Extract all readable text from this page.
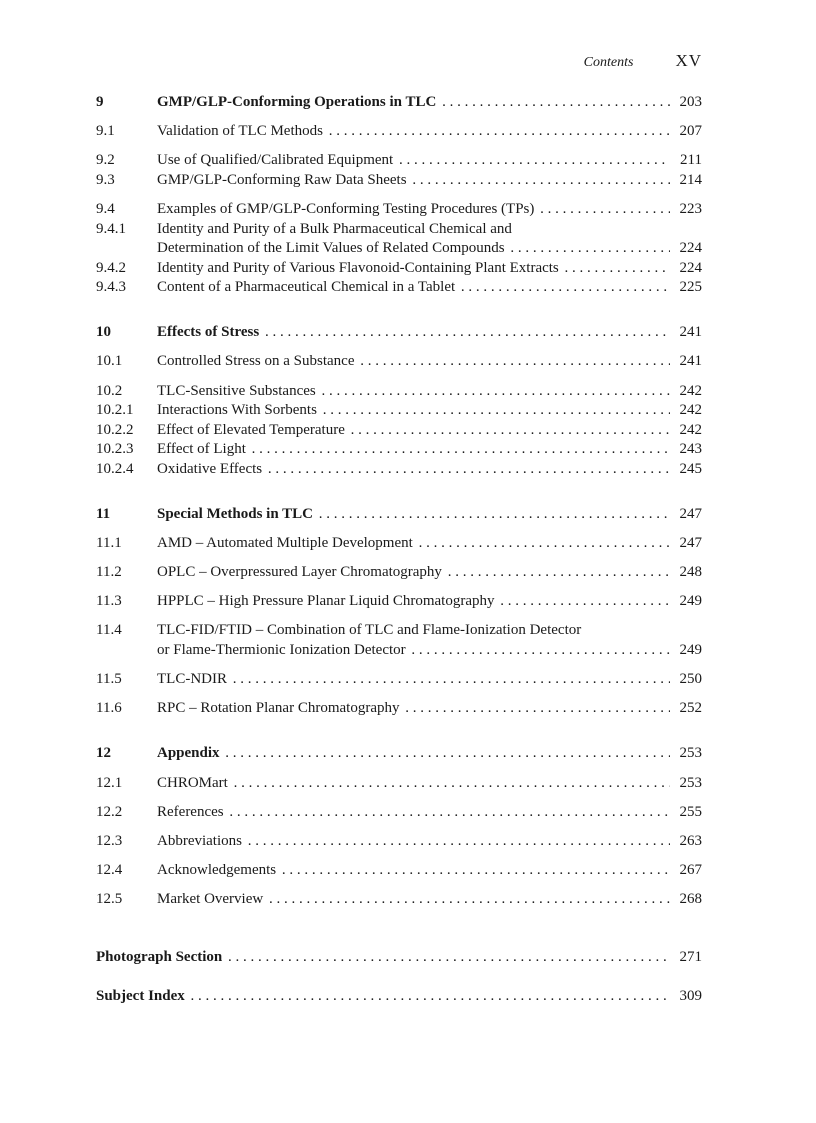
Contents XV
9	GMP/GLP-Conforming Operations in TLC . . .	203
9.1	Validation of TLC Methods . . .	207
9.2	Use of Qualified/Calibrated Equipment . . .	211
9.3	GMP/GLP-Conforming Raw Data Sheets . . .	214
9.4	Examples of GMP/GLP-Conforming Testing Procedures (TPs) . . .	223
9.4.1	Identity and Purity of a Bulk Pharmaceutical Chemical and
Determination of the Limit Values of Related Compounds . . .	224
9.4.2	Identity and Purity of Various Flavonoid-Containing Plant Extracts . . .	224
9.4.3	Content of a Pharmaceutical Chemical in a Tablet . . .	225
10	Effects of Stress . . .	241
10.1	Controlled Stress on a Substance . . .	241
10.2	TLC-Sensitive Substances . . .	242
10.2.1	Interactions With Sorbents . . .	242
10.2.2	Effect of Elevated Temperature . . .	242
10.2.3	Effect of Light . . .	243
10.2.4	Oxidative Effects . . .	245
11	Special Methods in TLC . . .	247
11.1	AMD – Automated Multiple Development . . .	247
11.2	OPLC – Overpressured Layer Chromatography . . .	248
11.3	HPPLC – High Pressure Planar Liquid Chromatography . . .	249
11.4	TLC-FID/FTID – Combination of TLC and Flame-Ionization Detector
or Flame-Thermionic Ionization Detector . . .	249
11.5	TLC-NDIR . . .	250
11.6	RPC – Rotation Planar Chromatography . . .	252
12	Appendix . . .	253
12.1	CHROMart . . .	253
12.2	References . . .	255
12.3	Abbreviations . . .	263
12.4	Acknowledgements . . .	267
12.5	Market Overview . . .	268
Photograph Section . . .	271
Subject Index . . .	309
